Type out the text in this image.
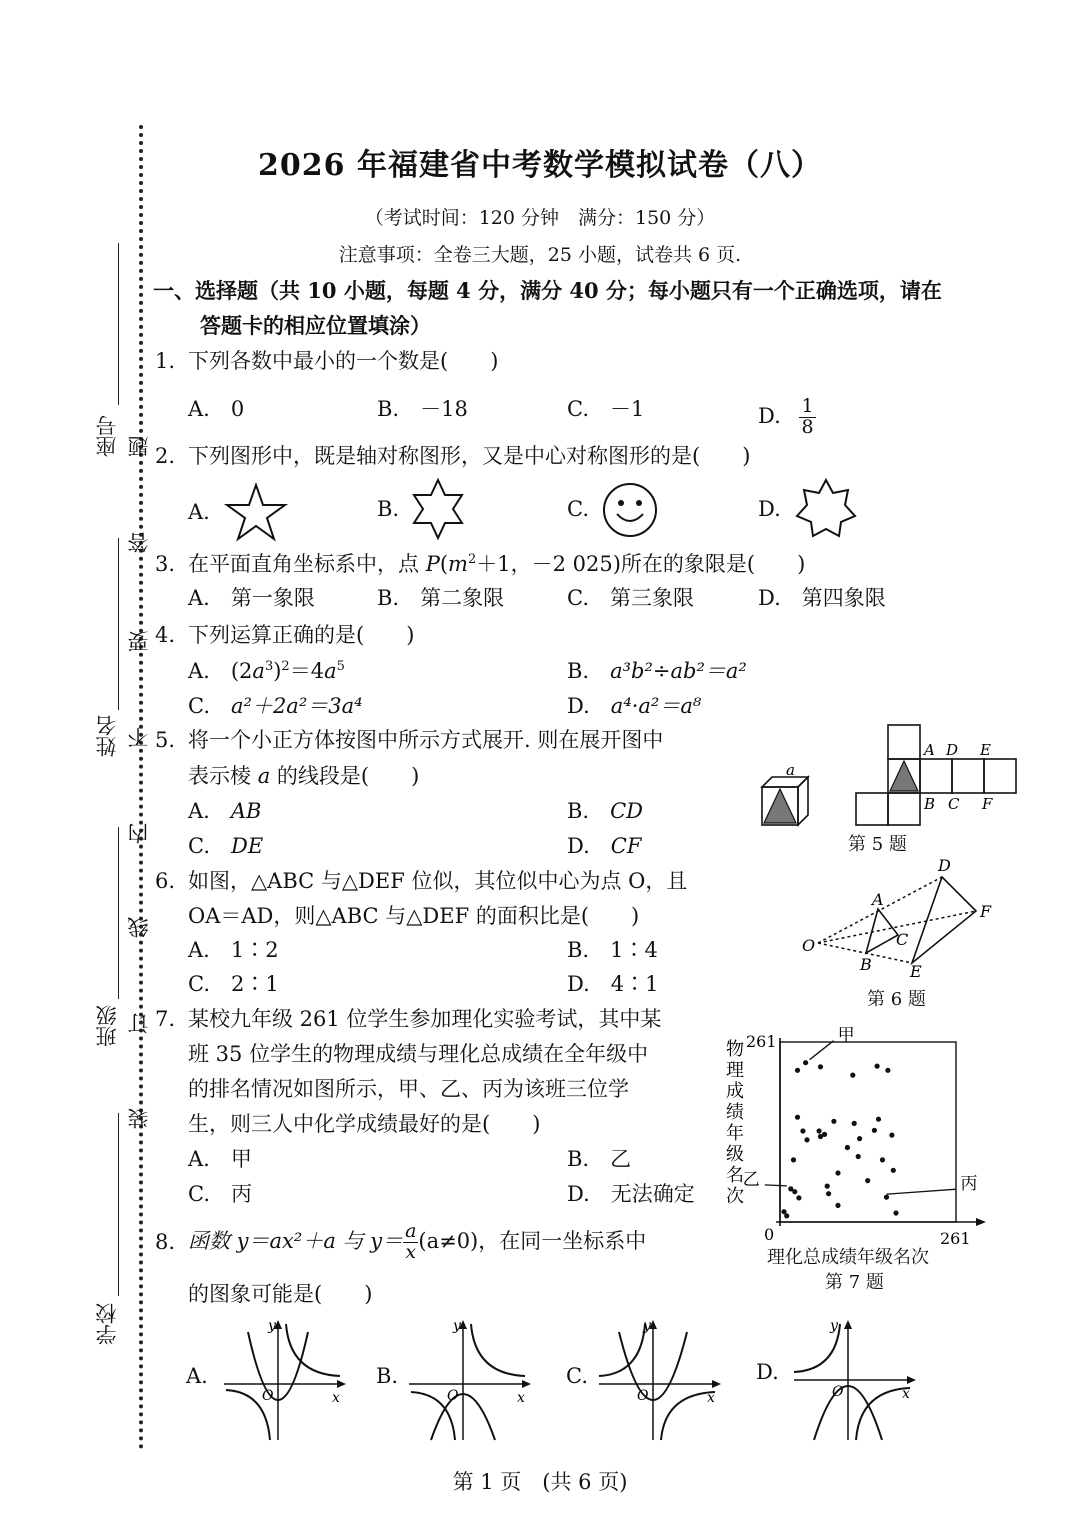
座号
姓名
班级
学校
题
答
要
不
内
线
订
装
2026 年福建省中考数学模拟试卷（八）
（考试时间：120 分钟　满分：150 分）
注意事项：全卷三大题，25 小题，试卷共 6 页.
一、选择题（共 10 小题，每题 4 分，满分 40 分；每小题只有一个正确选项，请在
答题卡的相应位置填涂）
1. 下列各数中最小的一个数是(　　)
A.　0	B.　－18	C.　－1	D. $\frac{1}{8}$
2. 下列图形中，既是轴对称图形，又是中心对称图形的是(　　)
A.	B.	C.	D.
3. 在平面直角坐标系中，点 $P(m^2+1$，－2 025)所在的象限是(　　)
A.　第一象限	B.　第二象限	C.　第三象限	D.　第四象限
4. 下列运算正确的是(　　)
A.  $(2a^3)^2=4a^5$	B.  a³b²÷ab²＝a²
C.  a²＋2a²＝3a⁴	D.  a⁴·a²＝a⁸
5. 将一个小正方体按图中所示方式展开. 则在展开图中
表示棱 a 的线段是(　　)
A.  AB	B.  CD
C.  DE	D.  CF
a
A D E
B C F
第 5 题
6. 如图，△ABC 与△DEF 位似，其位似中心为点 O，且
OA＝AD，则△ABC 与△DEF 的面积比是(　　)
A.　1∶2	B.　1∶4
C.　2∶1	D.　4∶1
O
A
B
C
D
E
F
第 6 题
7. 某校九年级 261 位学生参加理化实验考试，其中某
班 35 位学生的物理成绩与理化总成绩在全年级中
的排名情况如图所示，甲、乙、丙为该班三位学
生，则三人中化学成绩最好的是(　　)
A.　甲	B.　乙
C.　丙	D.　无法确定
物
理
成
绩
年
级
名
次
261
261
0
甲
乙	丙
理化总成绩年级名次
第 7 题
8. 函数 y＝ax²＋a 与 $y= \frac{a}{x} (a\ne 0)$，在同一坐标系中
的图象可能是(　　)
A.	B.	C.	D.
y
x
O
y
x
O
y
x
O
y
x
O
第 1 页　(共 6 页)
